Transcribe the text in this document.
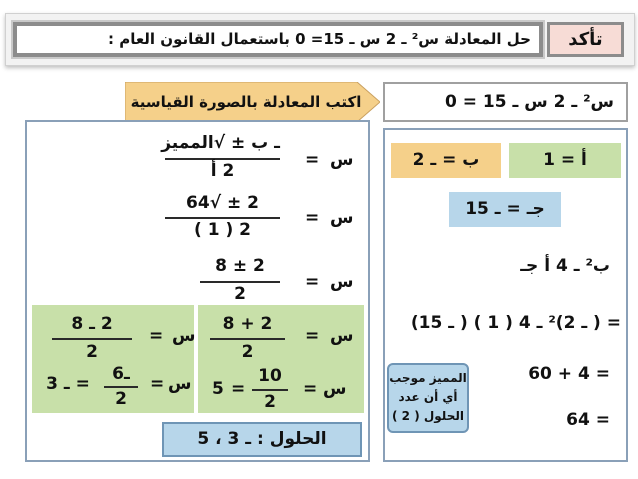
تأكد
حل المعادلة س² ـ 2 س ـ 15= 0 باستعمال القانون العام :
س² ـ 2 س ـ 15 = 0
اكتب المعادلة بالصورة القياسية
أ = 1
ب = ـ 2
جـ = ـ 15
ب² ـ 4 أ جـ
= ( ـ 2)² ـ 4 ( 1 ) ( ـ 15)
= 4 + 60
= 64
المميز موجب
أي أن عدد
الحلول ( 2 )
س
=
ـ ب ± √المميز
2 أ
س
=
2 ± √64
2 ( 1 )
س
=
2 ± 8
2
س
=
2 + 8
2
س
=
10
2
=
5
س
=
2 ـ 8
2
س
=
ـ6
2
= ـ 3
الحلول : ـ 3 ، 5
